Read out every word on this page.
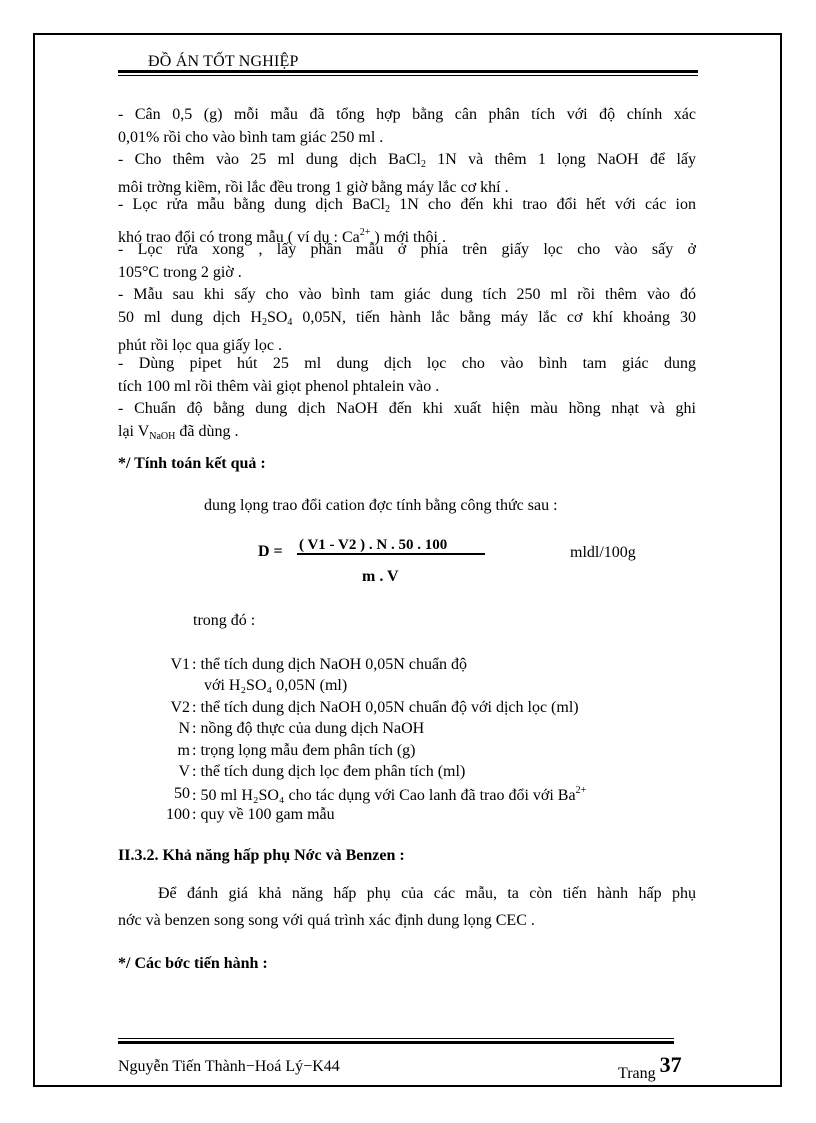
ĐỒ ÁN TỐT NGHIỆP
- Cân 0,5 (g) mỗi mẫu đã tổng hợp bằng cân phân tích với độ chính xác
0,01% rồi cho vào bình tam giác 250 ml .
- Cho thêm vào 25 ml dung dịch BaCl$_2$ 1N và thêm 1 lọng NaOH để lấy
môi trờng kiềm, rồi lắc đều trong 1 giờ bằng máy lắc cơ khí .
- Lọc rửa mẫu bằng dung dịch BaCl$_2$ 1N cho đến khi trao đổi hết với các ion
khó trao đổi có trong mẫu ( ví dụ : $Ca^{2+}$ ) mới thôi .
- Lọc rửa xong , lấy phần mẫu ở phía trên giấy lọc cho vào sấy ở
105°C trong 2 giờ .
- Mẫu sau khi sấy cho vào bình tam giác dung tích 250 ml rồi thêm vào đó
50 ml dung dịch $H_2SO_4$ 0,05N, tiến hành lắc bằng máy lắc cơ khí khoảng 30
phút rồi lọc qua giấy lọc .
- Dùng pipet hút 25 ml dung dịch lọc cho vào bình tam giác dung
tích 100 ml rồi thêm vài giọt phenol phtalein vào .
- Chuẩn độ bằng dung dịch NaOH đến khi xuất hiện màu hồng nhạt và ghi
lại $V_{NaOH}$ đã dùng .
*/ Tính toán kết quả :
dung lọng trao đổi cation đợc tính bằng công thức sau :
D = ( V1 - V2 ) . N . 50 . 100
m . V
mldl/100g
trong đó :
V1 : thể tích dung dịch NaOH 0,05N chuẩn độ
với H₂SO₄ 0,05N (ml)
V2 : thể tích dung dịch NaOH 0,05N chuẩn độ với dịch lọc (ml)
N : nồng độ thực của dung dịch NaOH
m : trọng lọng mẫu đem phân tích (g)
V : thể tích dung dịch lọc đem phân tích (ml)
50 : 50 ml H₂SO₄ cho tác dụng với Cao lanh đã trao đổi với $Ba^{2+}$
100 : quy về 100 gam mẫu
II.3.2. Khả năng hấp phụ Nớc và Benzen :
Để đánh giá khả năng hấp phụ của các mẫu, ta còn tiến hành hấp phụ
nớc và benzen song song với quá trình xác định dung lọng CEC .
*/ Các bớc tiến hành :
Nguyễn Tiến Thành−Hoá Lý−K44	Trang 37
